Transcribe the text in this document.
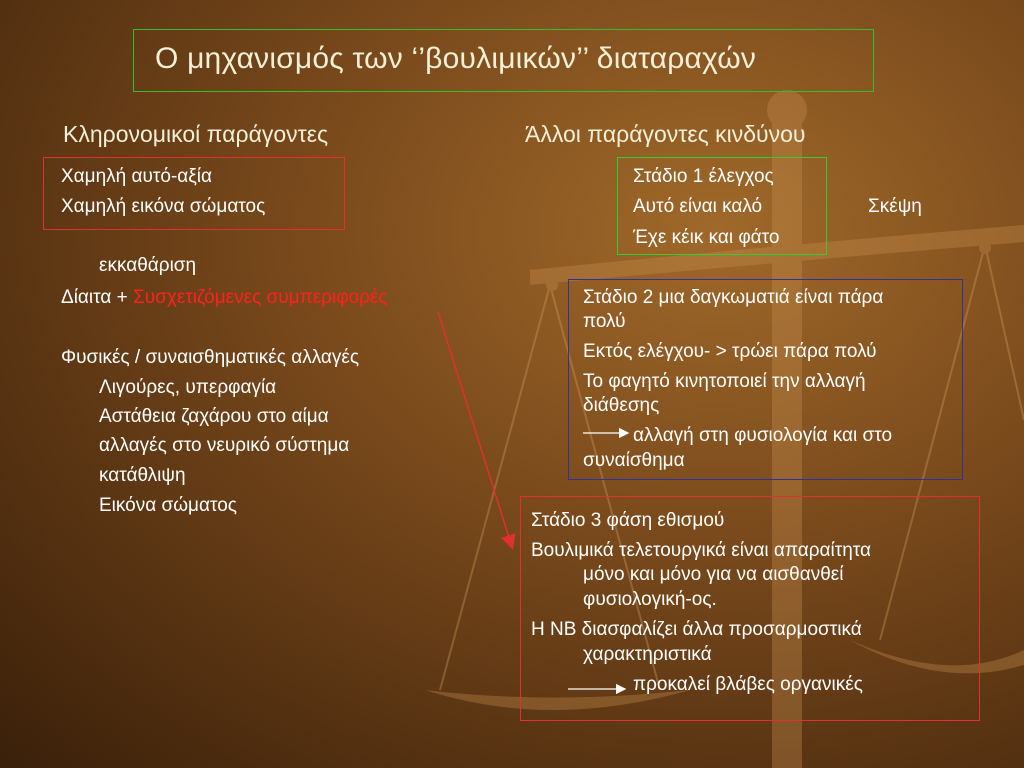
Ο μηχανισμός των ‘’βουλιμικών’’ διαταραχών
Κληρονομικοί παράγοντες	Άλλοι παράγοντες κινδύνου
Χαμηλή αυτό-αξία
Χαμηλή εικόνα σώματος
εκκαθάριση
Δίαιτα + Συσχετιζόμενες συμπεριφορές
Φυσικές / συναισθηματικές αλλαγές
Λιγούρες, υπερφαγία
Αστάθεια ζαχάρου στο αίμα
αλλαγές στο νευρικό σύστημα
κατάθλιψη
Εικόνα σώματος
Στάδιο 1 έλεγχος
Αυτό είναι καλό	Σκέψη
Έχε κέικ και φάτο
Στάδιο 2 μια δαγκωματιά είναι πάρα
πολύ
Εκτός ελέγχου- > τρώει πάρα πολύ
Το φαγητό κινητοποιεί την αλλαγή
διάθεσης
αλλαγή στη φυσιολογία και στο
συναίσθημα
Στάδιο 3 φάση εθισμού
Βουλιμικά τελετουργικά είναι απαραίτητα
μόνο και μόνο για να αισθανθεί
φυσιολογική-ος.
Η ΝΒ διασφαλίζει άλλα προσαρμοστικά
χαρακτηριστικά
προκαλεί βλάβες οργανικές
